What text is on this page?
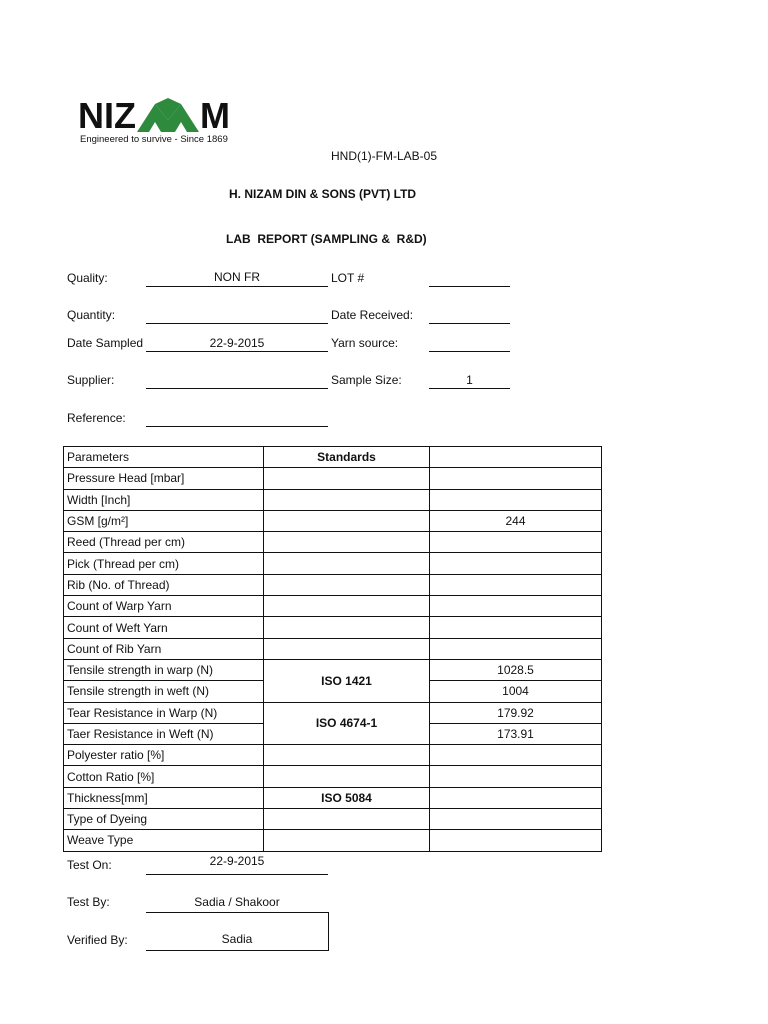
NIZ M
Engineered to survive - Since 1869
HND(1)-FM-LAB-05
H. NIZAM DIN & SONS (PVT) LTD
LAB  REPORT (SAMPLING &  R&D)
Quality:	NON FR	LOT #
Quantity:	Date Received:
Date Sampled	22-9-2015	Yarn source:
Supplier:	Sample Size:	1
Reference:
Parameters	Standards	
Pressure Head [mbar]		
Width [Inch]		
GSM [g/m²]		244
Reed (Thread per cm)		
Pick (Thread per cm)		
Rib (No. of Thread)		
Count of Warp Yarn		
Count of Weft Yarn		
Count of Rib Yarn		
Tensile strength in warp (N)	ISO 1421	1028.5
Tensile strength in weft (N)		1004
Tear Resistance in Warp (N)	ISO 4674-1	179.92
Taer Resistance in Weft (N)		173.91
Polyester ratio [%]		
Cotton Ratio [%]		
Thickness[mm]	ISO 5084	
Type of Dyeing		
Weave Type		
Test On:	22-9-2015
Test By:	Sadia / Shakoor
Verified By:	Sadia
